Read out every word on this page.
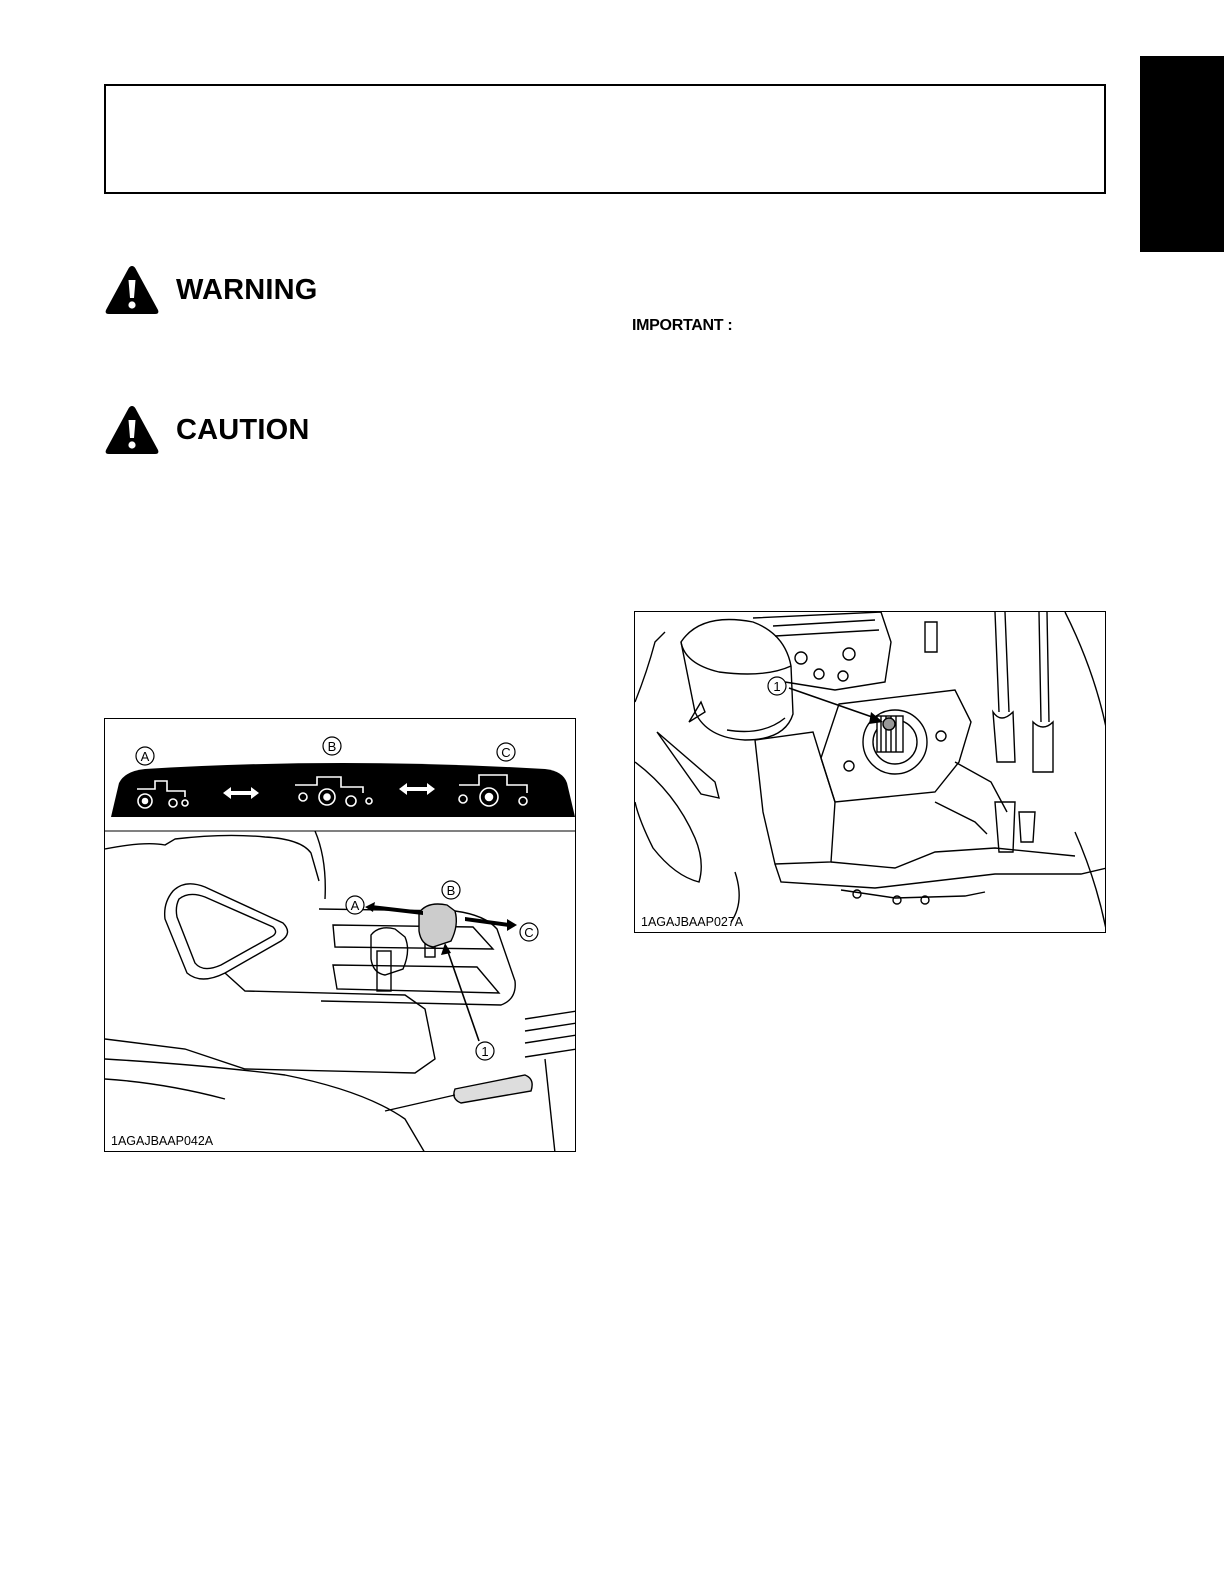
WARNING
CAUTION
IMPORTANT :
A
B	C
A
B
C
1
1AGAJBAAP042A
1
1AGAJBAAP027A
